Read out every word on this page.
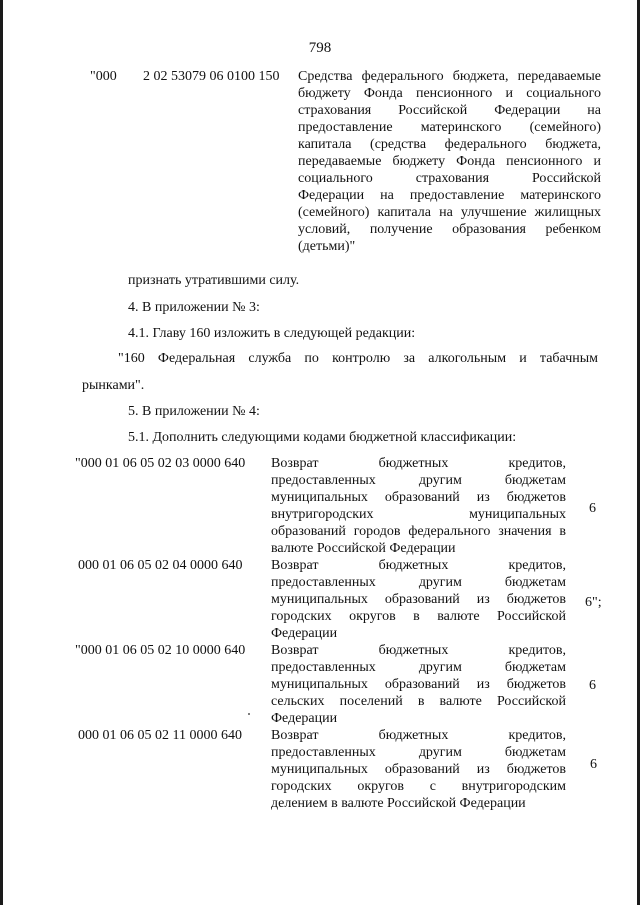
798
"000 2 02 53079 06 0100 150 Средства федерального бюджета, передаваемые
бюджету Фонда пенсионного и социального
страхования Российской Федерации на
предоставление материнского (семейного)
капитала (средства федерального бюджета,
передаваемые бюджету Фонда пенсионного и
социального страхования Российской
Федерации на предоставление материнского
(семейного) капитала на улучшение жилищных
условий, получение образования ребенком
(детьми)"
признать утратившими силу.
4. В приложении № 3:
4.1. Главу 160 изложить в следующей редакции:
"160 Федеральная служба по контролю за алкогольным и табачным
рынками".
5. В приложении № 4:
5.1. Дополнить следующими кодами бюджетной классификации:
"000 01 06 05 02 03 0000 640 Возврат бюджетных кредитов,
предоставленных другим бюджетам
муниципальных образований из бюджетов
внутригородских муниципальных
образований городов федерального значения в
валюте Российской Федерации
6
000 01 06 05 02 04 0000 640 Возврат бюджетных кредитов,
предоставленных другим бюджетам
муниципальных образований из бюджетов
городских округов в валюте Российской
Федерации
6";
"000 01 06 05 02 10 0000 640 Возврат бюджетных кредитов,
предоставленных другим бюджетам
муниципальных образований из бюджетов
сельских поселений в валюте Российской
Федерации
6
000 01 06 05 02 11 0000 640 Возврат бюджетных кредитов,
предоставленных другим бюджетам
муниципальных образований из бюджетов
городских округов с внутригородским
делением в валюте Российской Федерации
6
